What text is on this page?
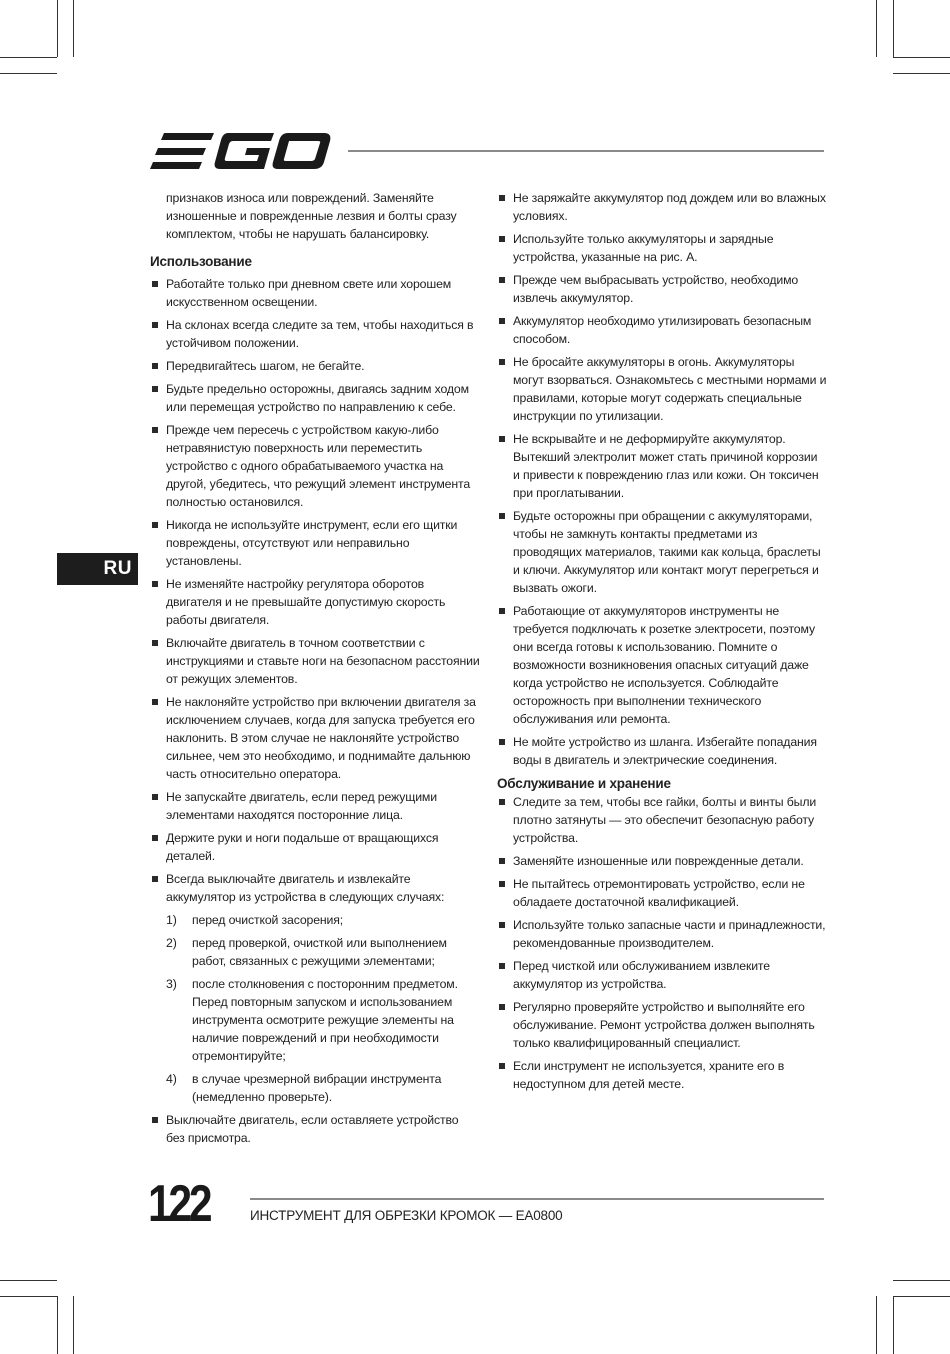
RU

признаков износа или повреждений. Заменяйте изношенные и поврежденные лезвия и болты сразу комплектом, чтобы не нарушать балансировку.

Использование
Работайте только при дневном свете или хорошем искусственном освещении.
На склонах всегда следите за тем, чтобы находиться в устойчивом положении.
Передвигайтесь шагом, не бегайте.
Будьте предельно осторожны, двигаясь задним ходом или перемещая устройство по направлению к себе.
Прежде чем пересечь с устройством какую-либо нетравянистую поверхность или переместить устройство с одного обрабатываемого участка на другой, убедитесь, что режущий элемент инструмента полностью остановился.
Никогда не используйте инструмент, если его щитки повреждены, отсутствуют или неправильно установлены.
Не изменяйте настройку регулятора оборотов двигателя и не превышайте допустимую скорость работы двигателя.
Включайте двигатель в точном соответствии с инструкциями и ставьте ноги на безопасном расстоянии от режущих элементов.
Не наклоняйте устройство при включении двигателя за исключением случаев, когда для запуска требуется его наклонить. В этом случае не наклоняйте устройство сильнее, чем это необходимо, и поднимайте дальнюю часть относительно оператора.
Не запускайте двигатель, если перед режущими элементами находятся посторонние лица.
Держите руки и ноги подальше от вращающихся деталей.
Всегда выключайте двигатель и извлекайте аккумулятор из устройства в следующих случаях:
1) перед очисткой засорения;
2) перед проверкой, очисткой или выполнением работ, связанных с режущими элементами;
3) после столкновения с посторонним предметом. Перед повторным запуском и использованием инструмента осмотрите режущие элементы на наличие повреждений и при необходимости отремонтируйте;
4) в случае чрезмерной вибрации инструмента (немедленно проверьте).
Выключайте двигатель, если оставляете устройство без присмотра.
Не заряжайте аккумулятор под дождем или во влажных условиях.
Используйте только аккумуляторы и зарядные устройства, указанные на рис. А.
Прежде чем выбрасывать устройство, необходимо извлечь аккумулятор.
Аккумулятор необходимо утилизировать безопасным способом.
Не бросайте аккумуляторы в огонь. Аккумуляторы могут взорваться. Ознакомьтесь с местными нормами и правилами, которые могут содержать специальные инструкции по утилизации.
Не вскрывайте и не деформируйте аккумулятор. Вытекший электролит может стать причиной коррозии и привести к повреждению глаз или кожи. Он токсичен при проглатывании.
Будьте осторожны при обращении с аккумуляторами, чтобы не замкнуть контакты предметами из проводящих материалов, такими как кольца, браслеты и ключи. Аккумулятор или контакт могут перегреться и вызвать ожоги.
Работающие от аккумуляторов инструменты не требуется подключать к розетке электросети, поэтому они всегда готовы к использованию. Помните о возможности возникновения опасных ситуаций даже когда устройство не используется. Соблюдайте осторожность при выполнении технического обслуживания или ремонта.
Не мойте устройство из шланга. Избегайте попадания воды в двигатель и электрические соединения.
Обслуживание и хранение
Следите за тем, чтобы все гайки, болты и винты были плотно затянуты — это обеспечит безопасную работу устройства.
Заменяйте изношенные или поврежденные детали.
Не пытайтесь отремонтировать устройство, если не обладаете достаточной квалификацией.
Используйте только запасные части и принадлежности, рекомендованные производителем.
Перед чисткой или обслуживанием извлеките аккумулятор из устройства.
Регулярно проверяйте устройство и выполняйте его обслуживание. Ремонт устройства должен выполнять только квалифицированный специалист.
Если инструмент не используется, храните его в недоступном для детей месте.
122	ИНСТРУМЕНТ ДЛЯ ОБРЕЗКИ КРОМОК — EA0800
